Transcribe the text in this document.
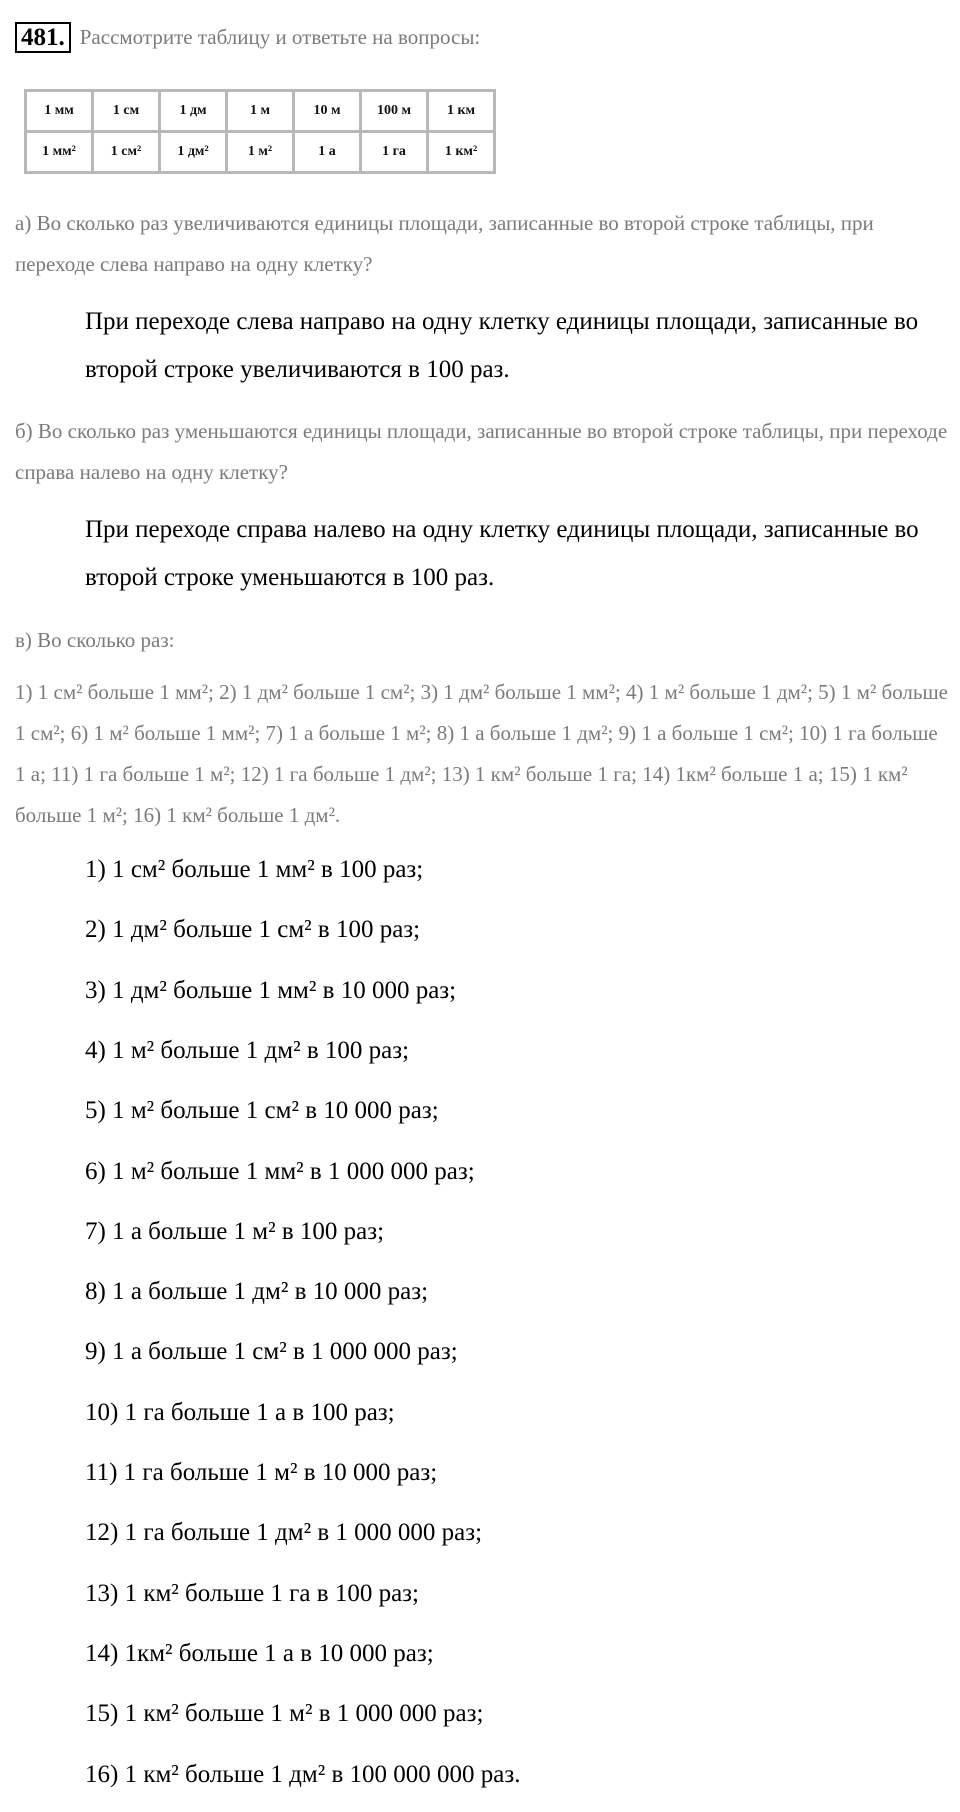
481. Рассмотрите таблицу и ответьте на вопросы:
1 мм	1 см	1 дм	1 м	10 м	100 м	1 км
1 мм²	1 см²	1 дм²	1 м²	1 а	1 га	1 км²
а) Во сколько раз увеличиваются единицы площади, записанные во второй строке таблицы, при переходе слева направо на одну клетку?
При переходе слева направо на одну клетку единицы площади, записанные во второй строке увеличиваются в 100 раз.
б) Во сколько раз уменьшаются единицы площади, записанные во второй строке таблицы, при переходе справа налево на одну клетку?
При переходе справа налево на одну клетку единицы площади, записанные во второй строке уменьшаются в 100 раз.
в) Во сколько раз:
1) 1 см² больше 1 мм²; 2) 1 дм² больше 1 см²; 3) 1 дм² больше 1 мм²; 4) 1 м² больше 1 дм²; 5) 1 м² больше 1 см²; 6) 1 м² больше 1 мм²; 7) 1 а больше 1 м²; 8) 1 а больше 1 дм²; 9) 1 а больше 1 см²; 10) 1 га больше 1 а; 11) 1 га больше 1 м²; 12) 1 га больше 1 дм²; 13) 1 км² больше 1 га; 14) 1км² больше 1 а; 15) 1 км² больше 1 м²; 16) 1 км² больше 1 дм².
1) 1 см² больше 1 мм² в 100 раз;
2) 1 дм² больше 1 см² в 100 раз;
3) 1 дм² больше 1 мм² в 10 000 раз;
4) 1 м² больше 1 дм² в 100 раз;
5) 1 м² больше 1 см² в 10 000 раз;
6) 1 м² больше 1 мм² в 1 000 000 раз;
7) 1 а больше 1 м² в 100 раз;
8) 1 а больше 1 дм² в 10 000 раз;
9) 1 а больше 1 см² в 1 000 000 раз;
10) 1 га больше 1 а в 100 раз;
11) 1 га больше 1 м² в 10 000 раз;
12) 1 га больше 1 дм² в 1 000 000 раз;
13) 1 км² больше 1 га в 100 раз;
14) 1км² больше 1 а в 10 000 раз;
15) 1 км² больше 1 м² в 1 000 000 раз;
16) 1 км² больше 1 дм² в 100 000 000 раз.
